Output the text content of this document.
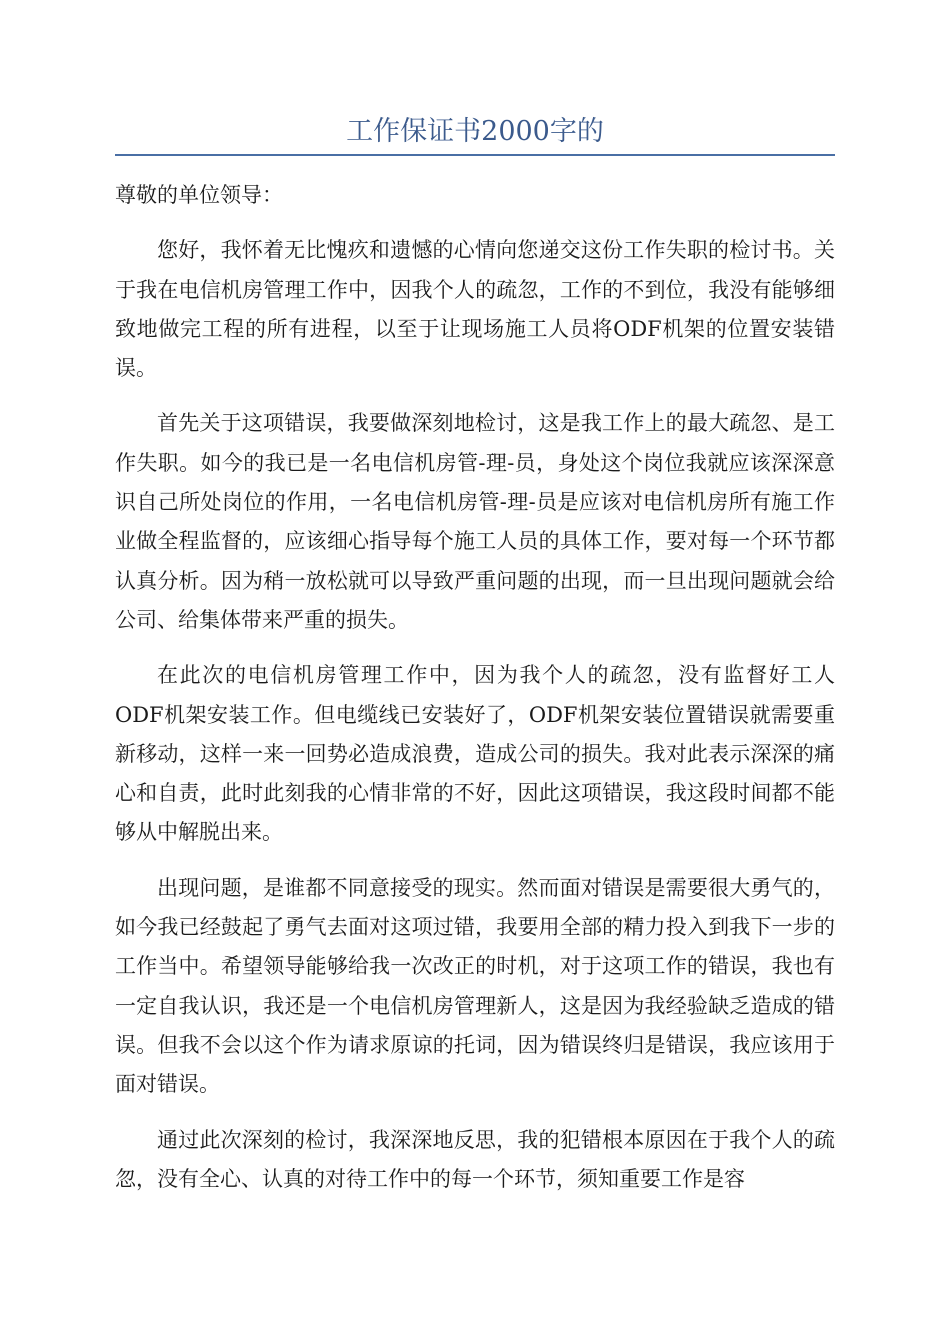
工作保证书2000字的

尊敬的单位领导：

您好，我怀着无比愧疚和遗憾的心情向您递交这份工作失职的检讨书。关于我在电信机房管理工作中，因我个人的疏忽，工作的不到位，我没有能够细致地做完工程的所有进程，以至于让现场施工人员将ODF机架的位置安装错误。

首先关于这项错误，我要做深刻地检讨，这是我工作上的最大疏忽、是工作失职。如今的我已是一名电信机房管-理-员，身处这个岗位我就应该深深意识自己所处岗位的作用，一名电信机房管-理-员是应该对电信机房所有施工作业做全程监督的，应该细心指导每个施工人员的具体工作，要对每一个环节都认真分析。因为稍一放松就可以导致严重问题的出现，而一旦出现问题就会给公司、给集体带来严重的损失。

在此次的电信机房管理工作中，因为我个人的疏忽，没有监督好工人ODF机架安装工作。但电缆线已安装好了，ODF机架安装位置错误就需要重新移动，这样一来一回势必造成浪费，造成公司的损失。我对此表示深深的痛心和自责，此时此刻我的心情非常的不好，因此这项错误，我这段时间都不能够从中解脱出来。

出现问题，是谁都不同意接受的现实。然而面对错误是需要很大勇气的，如今我已经鼓起了勇气去面对这项过错，我要用全部的精力投入到我下一步的工作当中。希望领导能够给我一次改正的时机，对于这项工作的错误，我也有一定自我认识，我还是一个电信机房管理新人，这是因为我经验缺乏造成的错误。但我不会以这个作为请求原谅的托词，因为错误终归是错误，我应该用于面对错误。

通过此次深刻的检讨，我深深地反思，我的犯错根本原因在于我个人的疏忽，没有全心、认真的对待工作中的每一个环节，须知重要工作是容
